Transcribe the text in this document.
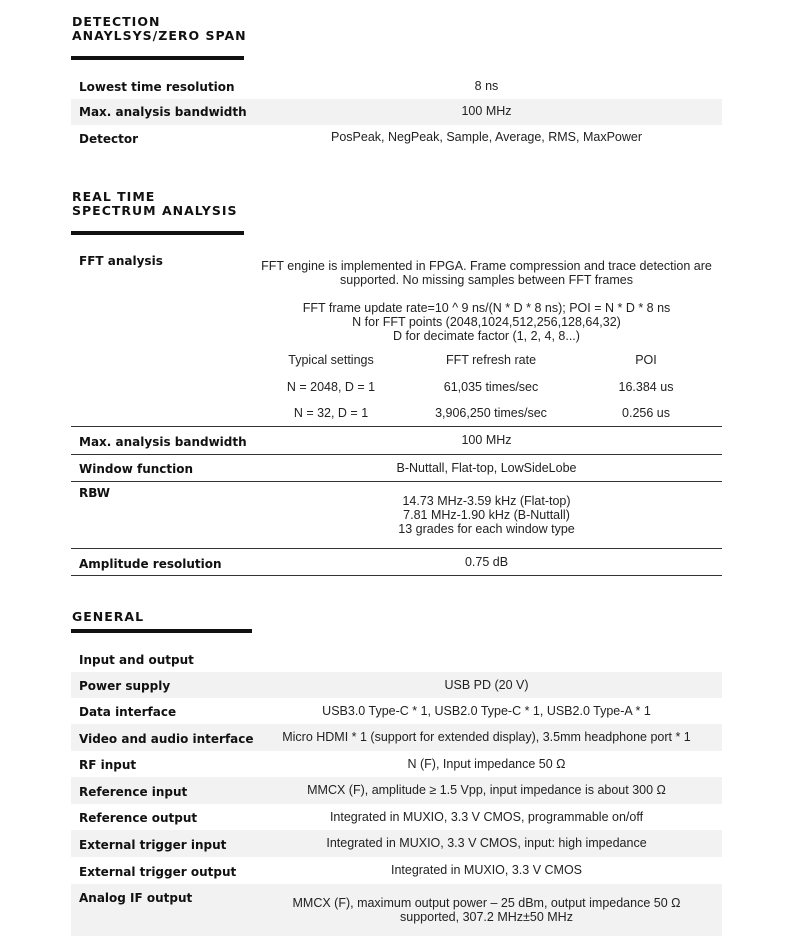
DETECTION
ANAYLSYS/ZERO SPAN
Lowest time resolution	8 ns
Max. analysis bandwidth	100 MHz
Detector	PosPeak, NegPeak, Sample, Average, RMS, MaxPower
REAL TIME
SPECTRUM ANALYSIS
FFT analysis	FFT engine is implemented in FPGA. Frame compression and trace detection are
supported. No missing samples between FFT frames
FFT frame update rate=10 ^ 9 ns/(N * D * 8 ns); POI = N * D * 8 ns
N for FFT points (2048,1024,512,256,128,64,32)
D for decimate factor (1, 2, 4, 8...)
Typical settings	FFT refresh rate	POI
N = 2048, D = 1	61,035 times/sec	16.384 us
N = 32, D = 1	3,906,250 times/sec	0.256 us
Max. analysis bandwidth	100 MHz
Window function	B-Nuttall, Flat-top, LowSideLobe
RBW
14.73 MHz-3.59 kHz (Flat-top)
7.81 MHz-1.90 kHz (B-Nuttall)
13 grades for each window type
Amplitude resolution	0.75 dB
GENERAL
Input and output
Power supply	USB PD (20 V)
Data interface	USB3.0 Type-C * 1, USB2.0 Type-C * 1, USB2.0 Type-A * 1
Video and audio interface	Micro HDMI * 1 (support for extended display), 3.5mm headphone port * 1
RF input	N (F), Input impedance 50 Ω
Reference input	MMCX (F), amplitude ≥ 1.5 Vpp, input impedance is about 300 Ω
Reference output	Integrated in MUXIO, 3.3 V CMOS, programmable on/off
External trigger input	Integrated in MUXIO, 3.3 V CMOS, input: high impedance
External trigger output	Integrated in MUXIO, 3.3 V CMOS
Analog IF output	MMCX (F), maximum output power – 25 dBm, output impedance 50 Ω
supported, 307.2 MHz±50 MHz
